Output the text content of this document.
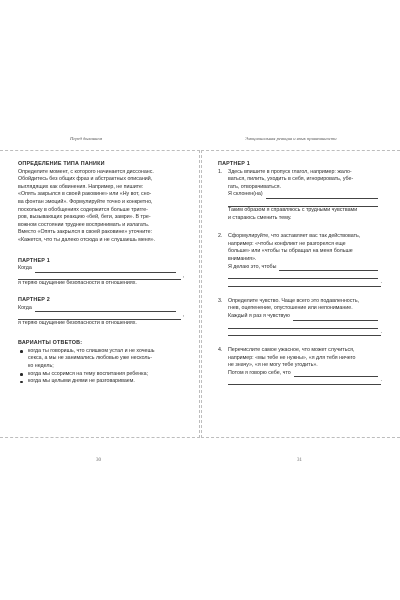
Перед дыханием	Эмоциональная реакция и язык привязанности
ОПРЕДЕЛЕНИЕ ТИПА ПАНИКИ
Определите момент, с которого начинается диссонанс.
Обойдитесь без общих фраз и абстрактных описаний,
выглядящих как обвинения. Например, не пишите:
«Опять закрылся в своей раковине» или «Ну вот, сно-
ва фонтан эмоций». Формулируйте точно и конкретно,
поскольку в обобщениях содержится больше тригге-
ров, вызывающих реакцию «бей, беги, замри». В тре-
вожном состоянии труднее воспринимать и излагать.
Вместо «Опять закрылся в своей раковине» уточните:
«Кажется, что ты далеко отсюда и не слушаешь меня».
ПАРТНЕР 1
Когда
,
я теряю ощущение безопасности в отношениях.
ПАРТНЕР 2
Когда
,
я теряю ощущение безопасности в отношениях.
ВАРИАНТЫ ОТВЕТОВ:
когда ты говоришь, что слишком устал и не хочешь
секса, а мы не занимались любовью уже несколь-
ко недель;
когда мы ссоримся на тему воспитания ребенка;
когда мы целыми днями не разговариваем.
ПАРТНЕР 1
1. Здесь впишите в пропуск глагол, например: жало-
ваться, пилить, уходить в себя, игнорировать, убе-
гать, отворачиваться.
Я склонен(на)
Таким образом я справляюсь с трудными чувствами
и стараюсь сменить тему.
2. Сформулируйте, что заставляет вас так действовать,
например: «чтобы конфликт не разгорелся еще
больше» или «чтобы ты обращал на меня больше
внимания».
Я делаю это, чтобы
.
3. Определите чувство. Чаще всего это подавленность,
гнев, оцепенение, опустошение или непонимание.
Каждый я раз я чувствую
.
4. Перечислите самое ужасное, что может случиться,
например: «мы тебе не нужны», «я для тебя ничего
не значу», «я не могу тебе угодить».
Потом я говорю себе, что
.
30	31
